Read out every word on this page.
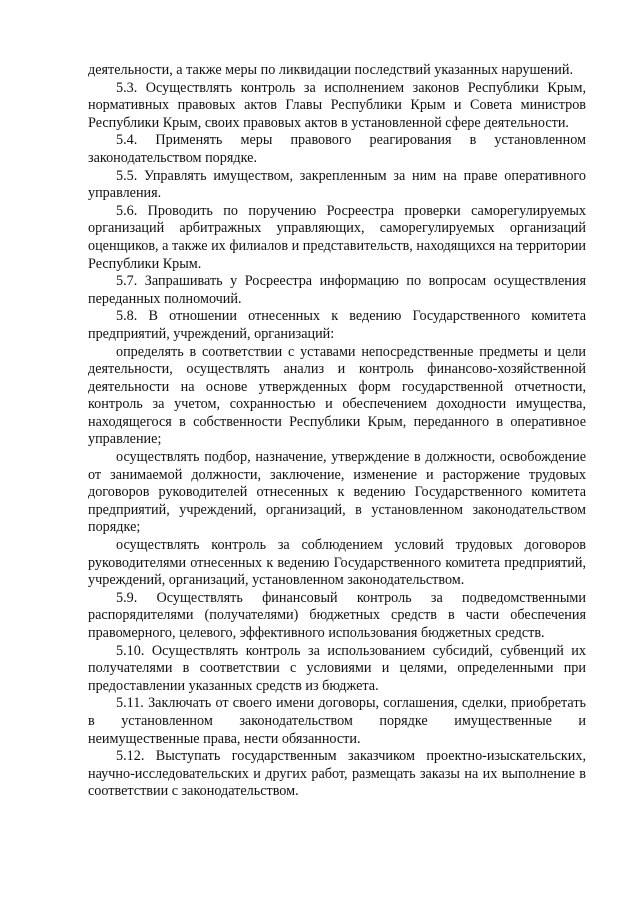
деятельности, а также меры по ликвидации последствий указанных нарушений.

5.3. Осуществлять контроль за исполнением законов Республики Крым, нормативных правовых актов Главы Республики Крым и Совета министров Республики Крым, своих правовых актов в установленной сфере деятельности.

5.4. Применять меры правового реагирования в установленном законодательством порядке.

5.5. Управлять имуществом, закрепленным за ним на праве оперативного управления.

5.6. Проводить по поручению Росреестра проверки саморегулируемых организаций арбитражных управляющих, саморегулируемых организаций оценщиков, а также их филиалов и представительств, находящихся на территории Республики Крым.

5.7. Запрашивать у Росреестра информацию по вопросам осуществления переданных полномочий.

5.8. В отношении отнесенных к ведению Государственного комитета предприятий, учреждений, организаций:

определять в соответствии с уставами непосредственные предметы и цели деятельности, осуществлять анализ и контроль финансово-хозяйственной деятельности на основе утвержденных форм государственной отчетности, контроль за учетом, сохранностью и обеспечением доходности имущества, находящегося в собственности Республики Крым, переданного в оперативное управление;

осуществлять подбор, назначение, утверждение в должности, освобождение от занимаемой должности, заключение, изменение и расторжение трудовых договоров руководителей отнесенных к ведению Государственного комитета предприятий, учреждений, организаций, в установленном законодательством порядке;

осуществлять контроль за соблюдением условий трудовых договоров руководителями отнесенных к ведению Государственного комитета предприятий, учреждений, организаций, установленном законодательством.

5.9. Осуществлять финансовый контроль за подведомственными распорядителями (получателями) бюджетных средств в части обеспечения правомерного, целевого, эффективного использования бюджетных средств.

5.10. Осуществлять контроль за использованием субсидий, субвенций их получателями в соответствии с условиями и целями, определенными при предоставлении указанных средств из бюджета.

5.11. Заключать от своего имени договоры, соглашения, сделки, приобретать в установленном законодательством порядке имущественные и неимущественные права, нести обязанности.

5.12. Выступать государственным заказчиком проектно-изыскательских, научно-исследовательских и других работ, размещать заказы на их выполнение в соответствии с законодательством.
